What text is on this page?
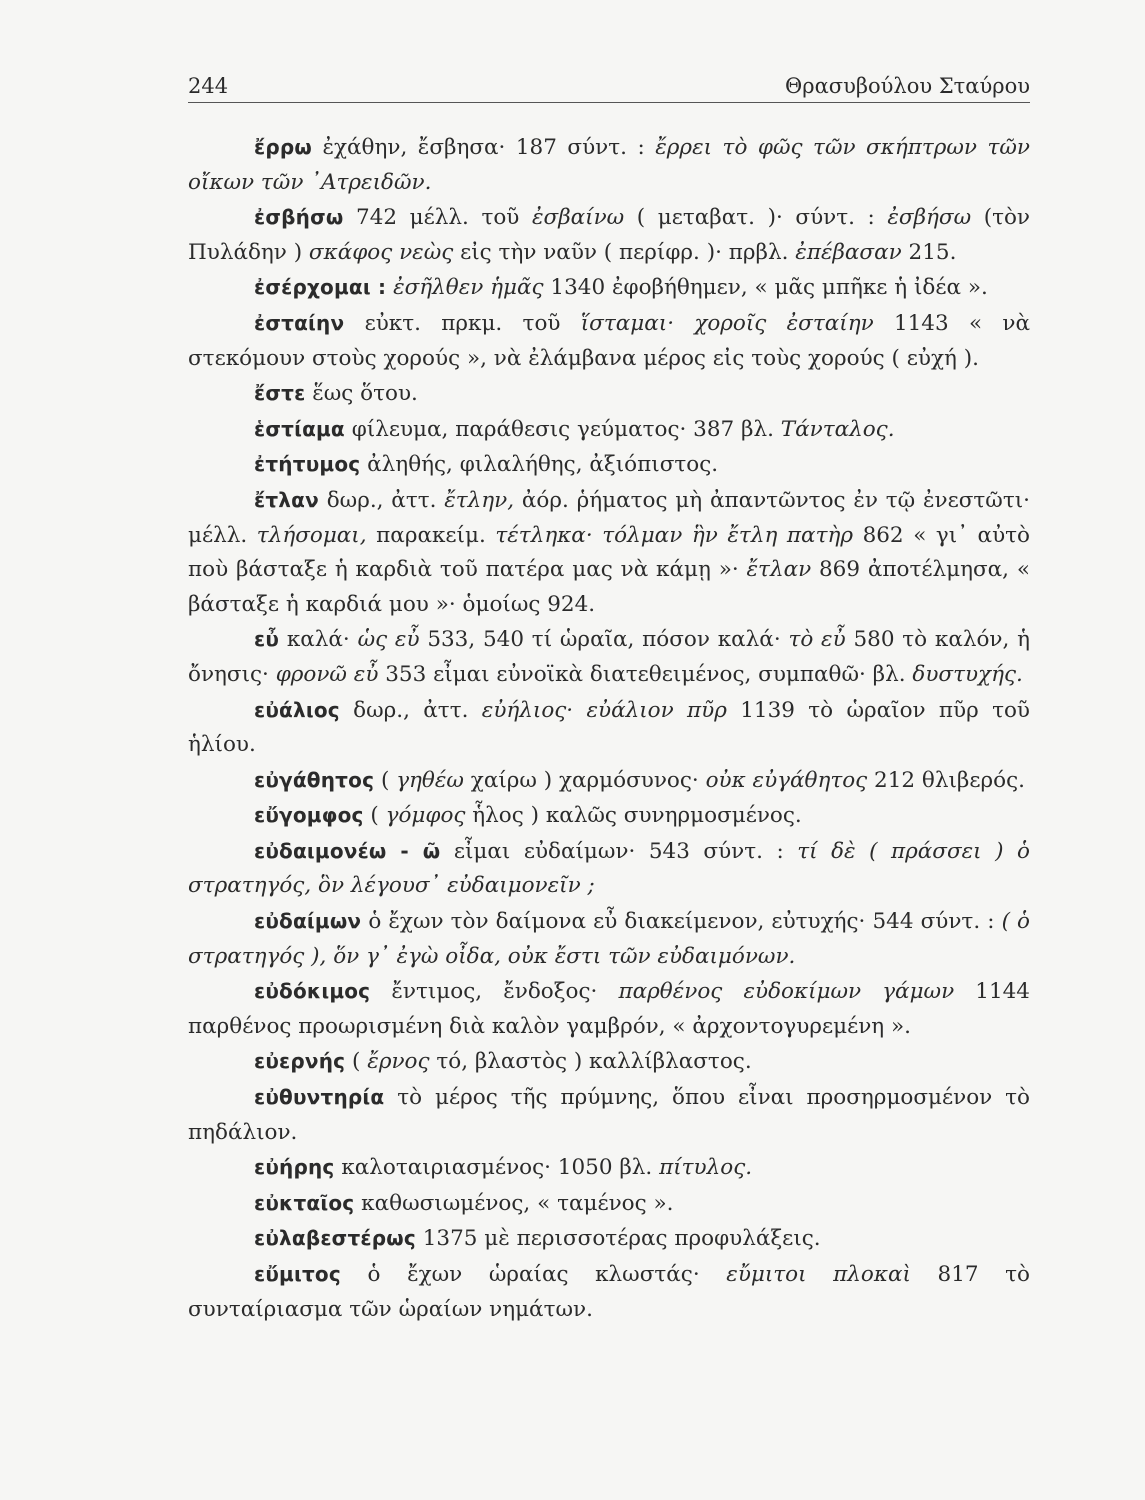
244	Θρασυβούλου Σταύρου

ἔρρω ἐχάθην, ἔσβησα· 187 σύντ. : ἔρρει τὸ φῶς τῶν σκήπτρων τῶν οἴκων τῶν ᾿Ατρειδῶν.

ἐσβήσω 742 μέλλ. τοῦ ἐσβαίνω ( μεταβατ. )· σύντ. : ἐσβήσω (τὸν Πυλάδην ) σκάφος νεὼς εἰς τὴν ναῦν ( περίφρ. )· πρβλ. ἐπέβασαν 215.

ἐσέρχομαι : ἐσῆλθεν ἡμᾶς 1340 ἐφοβήθημεν, « μᾶς μπῆκε ἡ ἰδέα ».

ἐσταίην εὐκτ. πρκμ. τοῦ ἵσταμαι· χοροῖς ἐσταίην 1143 « νὰ στεκόμουν στοὺς χορούς », νὰ ἐλάμβανα μέρος εἰς τοὺς χορούς ( εὐχή ).

ἔστε ἕως ὅτου.

ἑστίαμα φίλευμα, παράθεσις γεύματος· 387 βλ. Τάνταλος.

ἐτήτυμος ἀληθής, φιλαλήθης, ἀξιόπιστος.

ἔτλαν δωρ., ἀττ. ἔτλην, ἀόρ. ῥήματος μὴ ἀπαντῶντος ἐν τῷ ἐνεστῶτι· μέλλ. τλήσομαι, παρακείμ. τέτληκα· τόλμαν ἣν ἔτλη πατὴρ 862 « γι᾿ αὐτὸ ποὺ βάσταξε ἡ καρδιὰ τοῦ πατέρα μας νὰ κάμῃ »· ἔτλαν 869 ἀποτέλμησα, « βάσταξε ἡ καρδιά μου »· ὁμοίως 924.

εὖ καλά· ὡς εὖ 533, 540 τί ὡραῖα, πόσον καλά· τὸ εὖ 580 τὸ καλόν, ἡ ὄνησις· φρονῶ εὖ 353 εἶμαι εὐνοϊκὰ διατεθειμένος, συμπαθῶ· βλ. δυστυχής.

εὐάλιος δωρ., ἀττ. εὐήλιος· εὐάλιον πῦρ 1139 τὸ ὡραῖον πῦρ τοῦ ἡλίου.

εὐγάθητος ( γηθέω χαίρω ) χαρμόσυνος· οὐκ εὐγάθητος 212 θλιβερός.

εὔγομφος ( γόμφος ἧλος ) καλῶς συνηρμοσμένος.

εὐδαιμονέω - ῶ εἶμαι εὐδαίμων· 543 σύντ. : τί δὲ ( πράσσει ) ὁ στρατηγός, ὃν λέγουσ᾿ εὐδαιμονεῖν ;

εὐδαίμων ὁ ἔχων τὸν δαίμονα εὖ διακείμενον, εὐτυχής· 544 σύντ. : ( ὁ στρατηγός ), ὅν γ᾿ ἐγὼ οἶδα, οὐκ ἔστι τῶν εὐδαιμόνων.

εὐδόκιμος ἔντιμος, ἔνδοξος· παρθένος εὐδοκίμων γάμων 1144 παρθένος προωρισμένη διὰ καλὸν γαμβρόν, « ἀρχοντογυρεμένη ».

εὐερνής ( ἔρνος τό, βλαστὸς ) καλλίβλαστος.

εὐθυντηρία τὸ μέρος τῆς πρύμνης, ὅπου εἶναι προσηρμοσμένον τὸ πηδάλιον.

εὐήρης καλοταιριασμένος· 1050 βλ. πίτυλος.

εὐκταῖος καθωσιωμένος, « ταμένος ».

εὐλαβεστέρως 1375 μὲ περισσοτέρας προφυλάξεις.

εὔμιτος ὁ ἔχων ὡραίας κλωστάς· εὔμιτοι πλοκαὶ 817 τὸ συνταίριασμα τῶν ὡραίων νημάτων.
